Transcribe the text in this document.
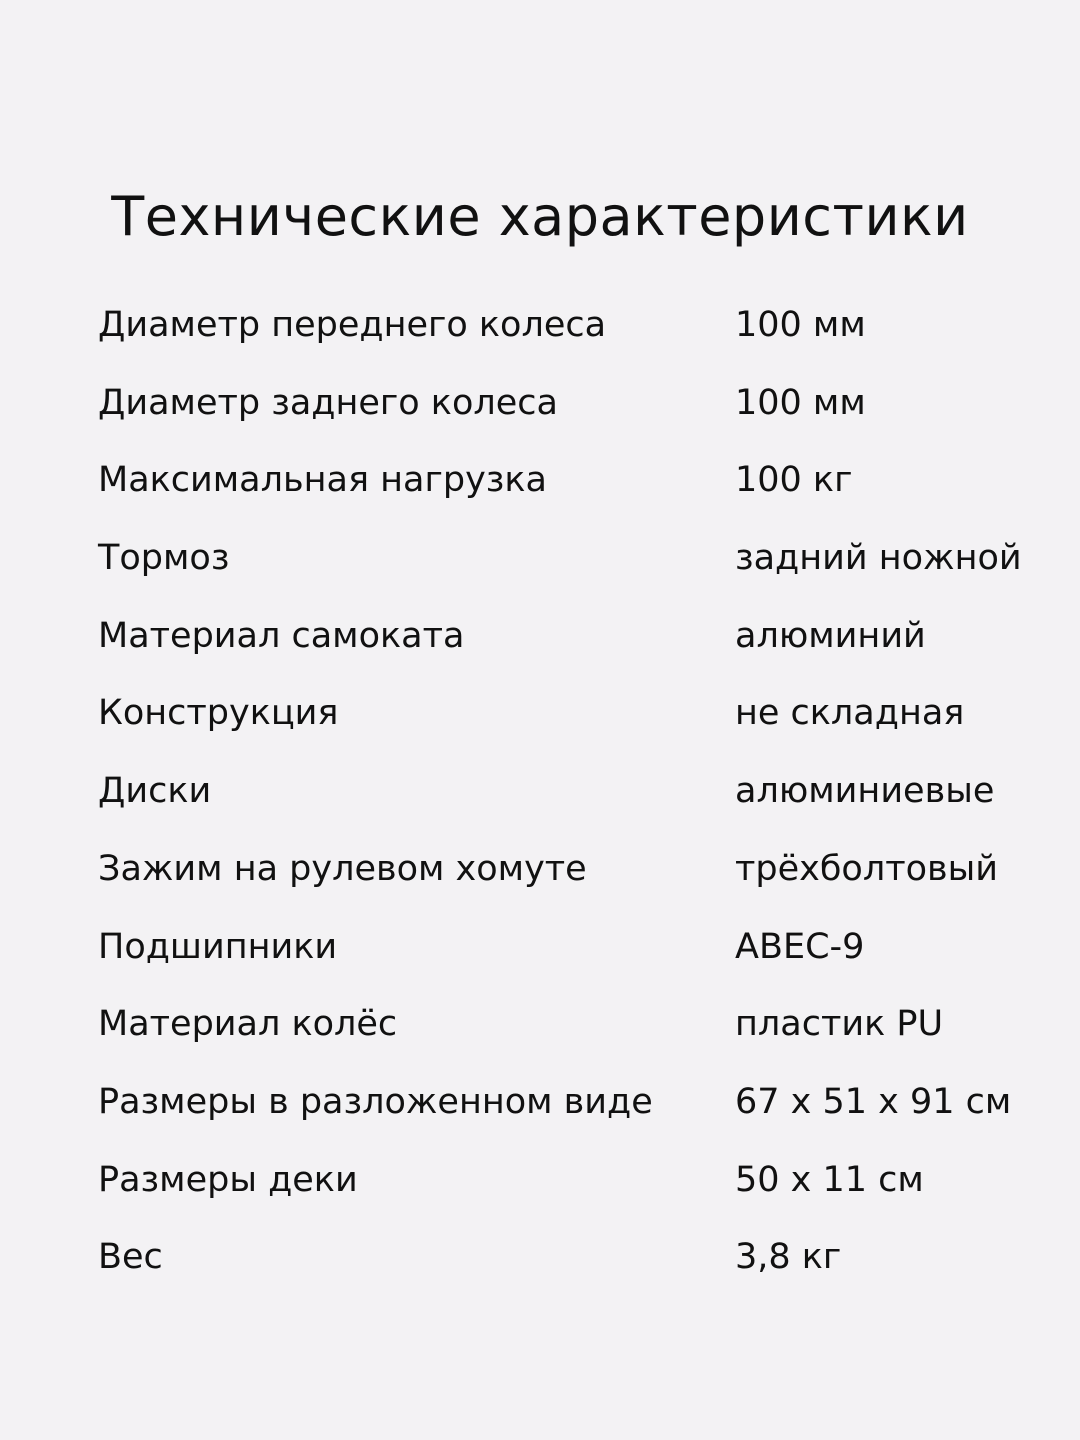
Технические характеристики
Диаметр переднего колеса	100 мм
Диаметр заднего колеса	100 мм
Максимальная нагрузка	100 кг
Тормоз	задний ножной
Материал самоката	алюминий
Конструкция	не складная
Диски	алюминиевые
Зажим на рулевом хомуте	трёхболтовый
Подшипники	ABEC-9
Материал колёс	пластик PU
Размеры в разложенном виде 67 x 51 x 91 см
Размеры деки	50 x 11 см
Вес	3,8 кг
